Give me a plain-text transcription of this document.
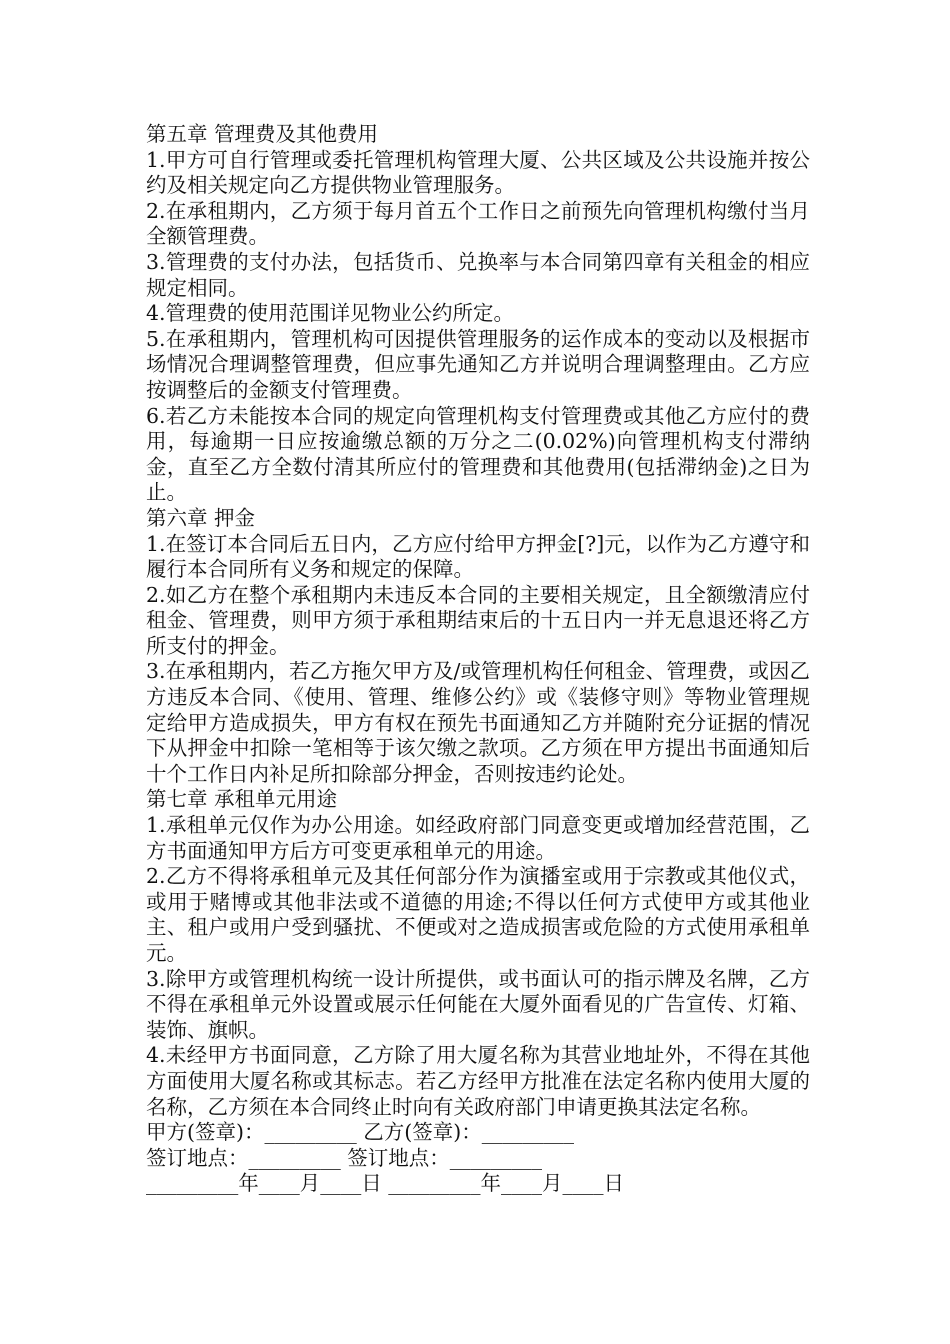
第五章 管理费及其他费用

1.甲方可自行管理或委托管理机构管理大厦、公共区域及公共设施并按公约及相关规定向乙方提供物业管理服务。

2.在承租期内，乙方须于每月首五个工作日之前预先向管理机构缴付当月全额管理费。

3.管理费的支付办法，包括货币、兑换率与本合同第四章有关租金的相应规定相同。

4.管理费的使用范围详见物业公约所定。

5.在承租期内，管理机构可因提供管理服务的运作成本的变动以及根据市场情况合理调整管理费，但应事先通知乙方并说明合理调整理由。乙方应按调整后的金额支付管理费。

6.若乙方未能按本合同的规定向管理机构支付管理费或其他乙方应付的费用，每逾期一日应按逾缴总额的万分之二(0.02%)向管理机构支付滞纳金，直至乙方全数付清其所应付的管理费和其他费用(包括滞纳金)之日为止。

第六章 押金

1.在签订本合同后五日内，乙方应付给甲方押金[?]元，以作为乙方遵守和履行本合同所有义务和规定的保障。

2.如乙方在整个承租期内未违反本合同的主要相关规定，且全额缴清应付租金、管理费，则甲方须于承租期结束后的十五日内一并无息退还将乙方所支付的押金。

3.在承租期内，若乙方拖欠甲方及/或管理机构任何租金、管理费，或因乙方违反本合同、《使用、管理、维修公约》或《装修守则》等物业管理规定给甲方造成损失，甲方有权在预先书面通知乙方并随附充分证据的情况下从押金中扣除一笔相等于该欠缴之款项。乙方须在甲方提出书面通知后十个工作日内补足所扣除部分押金，否则按违约论处。

第七章 承租单元用途

1.承租单元仅作为办公用途。如经政府部门同意变更或增加经营范围，乙方书面通知甲方后方可变更承租单元的用途。

2.乙方不得将承租单元及其任何部分作为演播室或用于宗教或其他仪式，或用于赌博或其他非法或不道德的用途;不得以任何方式使甲方或其他业主、租户或用户受到骚扰、不便或对之造成损害或危险的方式使用承租单元。

3.除甲方或管理机构统一设计所提供，或书面认可的指示牌及名牌，乙方不得在承租单元外设置或展示任何能在大厦外面看见的广告宣传、灯箱、装饰、旗帜。

4.未经甲方书面同意，乙方除了用大厦名称为其营业地址外，不得在其他方面使用大厦名称或其标志。若乙方经甲方批准在法定名称内使用大厦的名称，乙方须在本合同终止时向有关政府部门申请更换其法定名称。

甲方(签章)：_________ 乙方(签章)：_________

签订地点：_________ 签订地点：_________

_________年____月____日 _________年____月____日
